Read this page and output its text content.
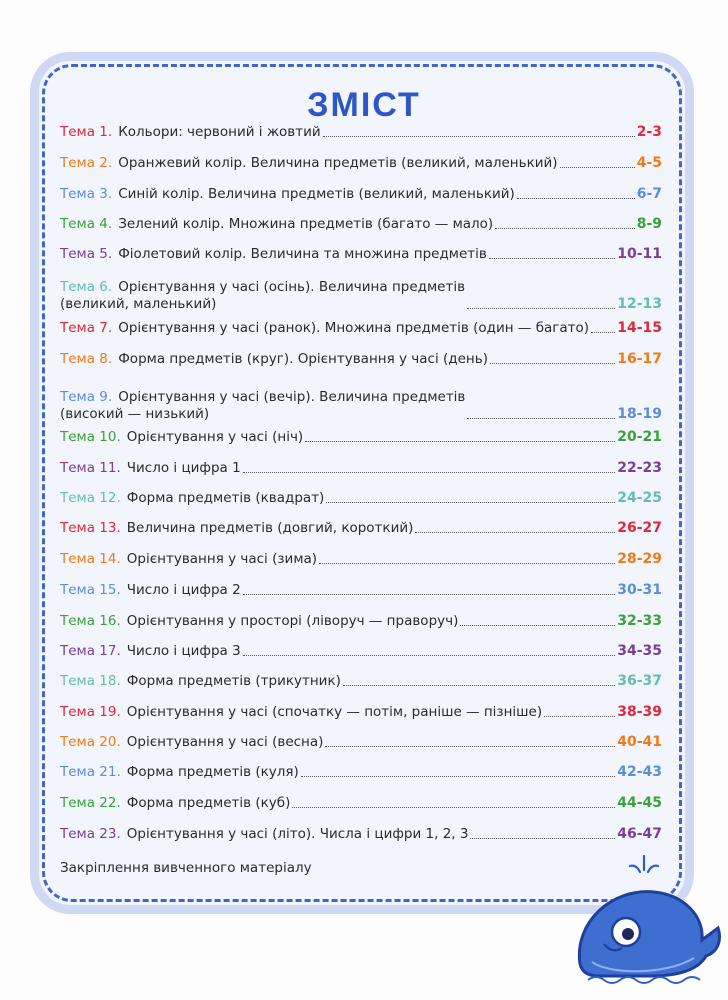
ЗМІСТ
Тема 1. Кольори: червоний і жовтий	2-3
Тема 2. Оранжевий колір. Величина предметів (великий, маленький)	4-5
Тема 3. Синій колір. Величина предметів (великий, маленький)	6-7
Тема 4. Зелений колір. Множина предметів (багато — мало)	8-9
Тема 5. Фіолетовий колір. Величина та множина предметів	10-11
Тема 6. Орієнтування у часі (осінь). Величина предметів
(великий, маленький)	12-13
Тема 7. Орієнтування у часі (ранок). Множина предметів (один — багато) 14-15
Тема 8. Форма предметів (круг). Орієнтування у часі (день)	16-17
Тема 9. Орієнтування у часі (вечір). Величина предметів
(високий — низький)	18-19
Тема 10. Орієнтування у часі (ніч)	20-21
Тема 11. Число і цифра 1	22-23
Тема 12. Форма предметів (квадрат)	24-25
Тема 13. Величина предметів (довгий, короткий)	26-27
Тема 14. Орієнтування у часі (зима)	28-29
Тема 15. Число і цифра 2	30-31
Тема 16. Орієнтування у просторі (ліворуч — праворуч)	32-33
Тема 17. Число і цифра 3	34-35
Тема 18. Форма предметів (трикутник)	36-37
Тема 19. Орієнтування у часі (спочатку — потім, раніше — пізніше)	38-39
Тема 20. Орієнтування у часі (весна)	40-41
Тема 21. Форма предметів (куля)	42-43
Тема 22. Форма предметів (куб)	44-45
Тема 23. Орієнтування у часі (літо). Числа і цифри 1, 2, 3	46-47
Закріплення вивченного матеріалу
